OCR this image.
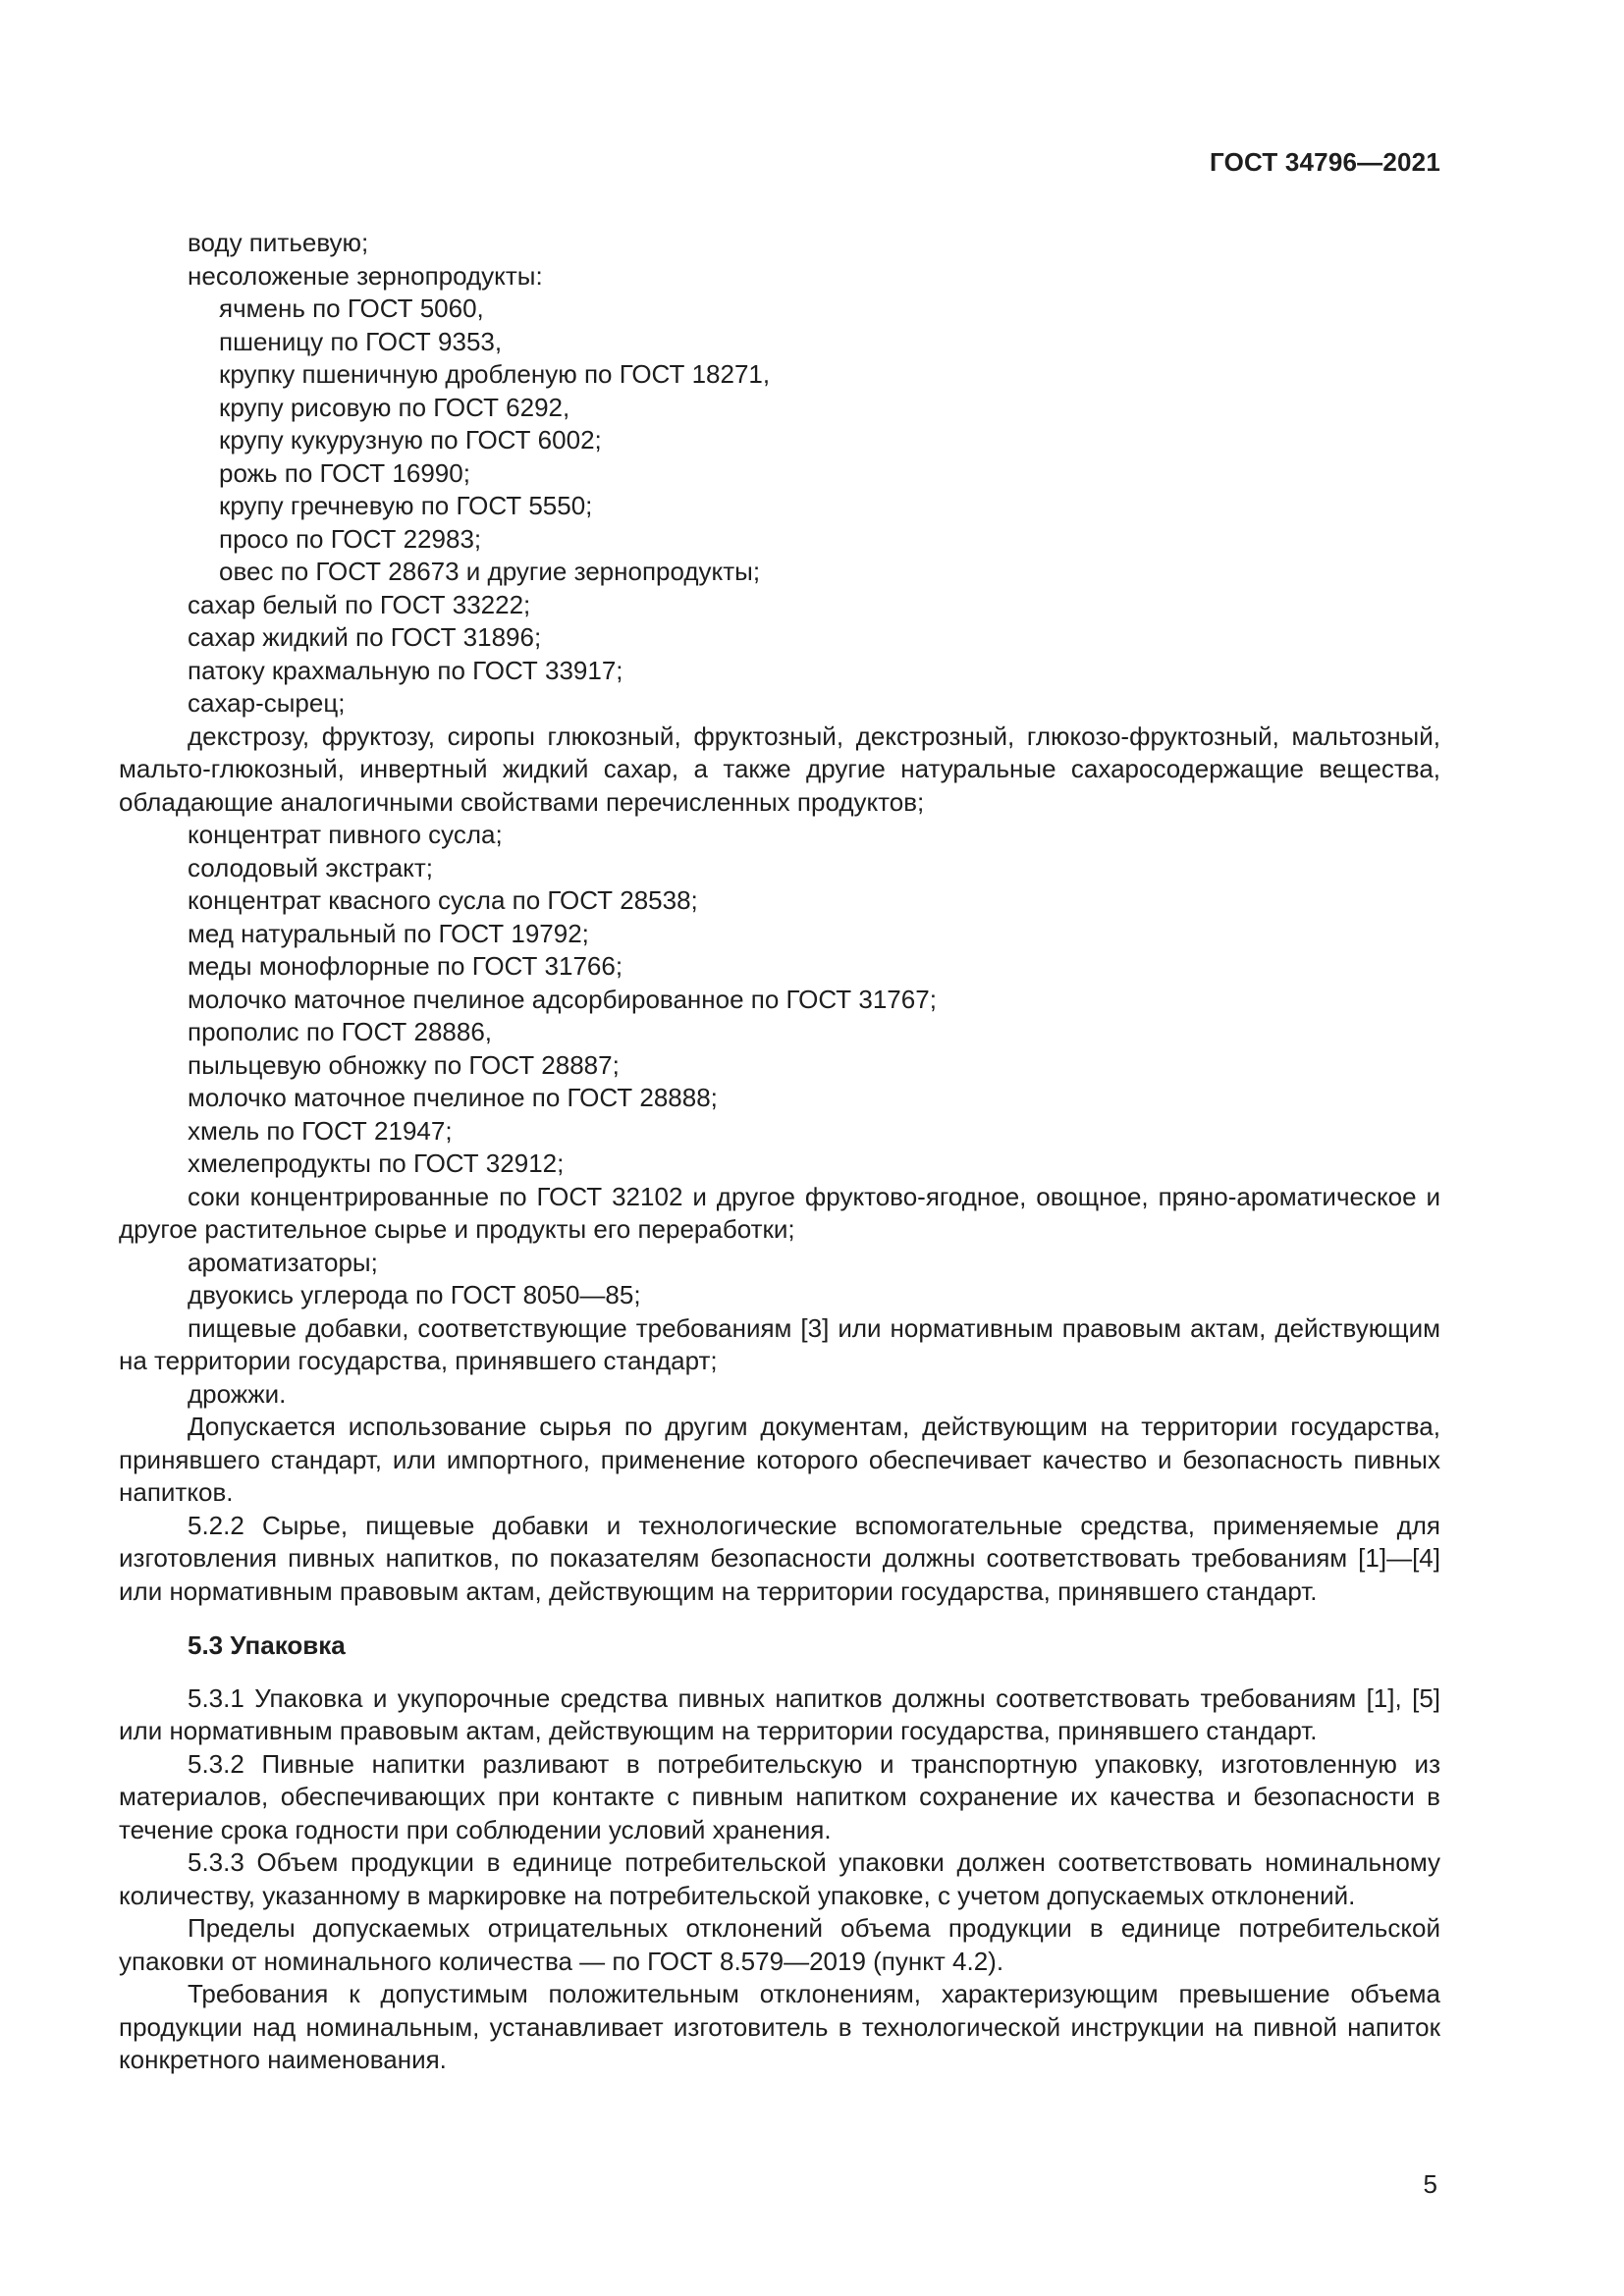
ГОСТ 34796—2021
воду питьевую;
несоложеные зернопродукты:
ячмень по ГОСТ 5060,
пшеницу по ГОСТ 9353,
крупку пшеничную дробленую по ГОСТ 18271,
крупу рисовую по ГОСТ 6292,
крупу кукурузную по ГОСТ 6002;
рожь по ГОСТ 16990;
крупу гречневую по ГОСТ 5550;
просо по ГОСТ 22983;
овес по ГОСТ 28673 и другие зернопродукты;
сахар белый по ГОСТ 33222;
сахар жидкий по ГОСТ 31896;
патоку крахмальную по ГОСТ 33917;
сахар-сырец;
декстрозу, фруктозу, сиропы глюкозный, фруктозный, декстрозный, глюкозо-фруктозный, мальтозный, мальто-глюкозный, инвертный жидкий сахар, а также другие натуральные сахаросодержащие вещества, обладающие аналогичными свойствами перечисленных продуктов;
концентрат пивного сусла;
солодовый экстракт;
концентрат квасного сусла по ГОСТ 28538;
мед натуральный по ГОСТ 19792;
меды монофлорные по ГОСТ 31766;
молочко маточное пчелиное адсорбированное по ГОСТ 31767;
прополис по ГОСТ 28886,
пыльцевую обножку по ГОСТ 28887;
молочко маточное пчелиное по ГОСТ 28888;
хмель по ГОСТ 21947;
хмелепродукты по ГОСТ 32912;
соки концентрированные по ГОСТ 32102 и другое фруктово-ягодное, овощное, пряно-ароматическое и другое растительное сырье и продукты его переработки;
ароматизаторы;
двуокись углерода по ГОСТ 8050—85;
пищевые добавки, соответствующие требованиям [3] или нормативным правовым актам, действующим на территории государства, принявшего стандарт;
дрожжи.
Допускается использование сырья по другим документам, действующим на территории государства, принявшего стандарт, или импортного, применение которого обеспечивает качество и безопасность пивных напитков.
5.2.2 Сырье, пищевые добавки и технологические вспомогательные средства, применяемые для изготовления пивных напитков, по показателям безопасности должны соответствовать требованиям [1]—[4] или нормативным правовым актам, действующим на территории государства, принявшего стандарт.
5.3 Упаковка
5.3.1 Упаковка и укупорочные средства пивных напитков должны соответствовать требованиям [1], [5] или нормативным правовым актам, действующим на территории государства, принявшего стандарт.
5.3.2 Пивные напитки разливают в потребительскую и транспортную упаковку, изготовленную из материалов, обеспечивающих при контакте с пивным напитком сохранение их качества и безопасности в течение срока годности при соблюдении условий хранения.
5.3.3 Объем продукции в единице потребительской упаковки должен соответствовать номинальному количеству, указанному в маркировке на потребительской упаковке, с учетом допускаемых отклонений.
Пределы допускаемых отрицательных отклонений объема продукции в единице потребительской упаковки от номинального количества — по ГОСТ 8.579—2019 (пункт 4.2).
Требования к допустимым положительным отклонениям, характеризующим превышение объема продукции над номинальным, устанавливает изготовитель в технологической инструкции на пивной напиток конкретного наименования.
5
